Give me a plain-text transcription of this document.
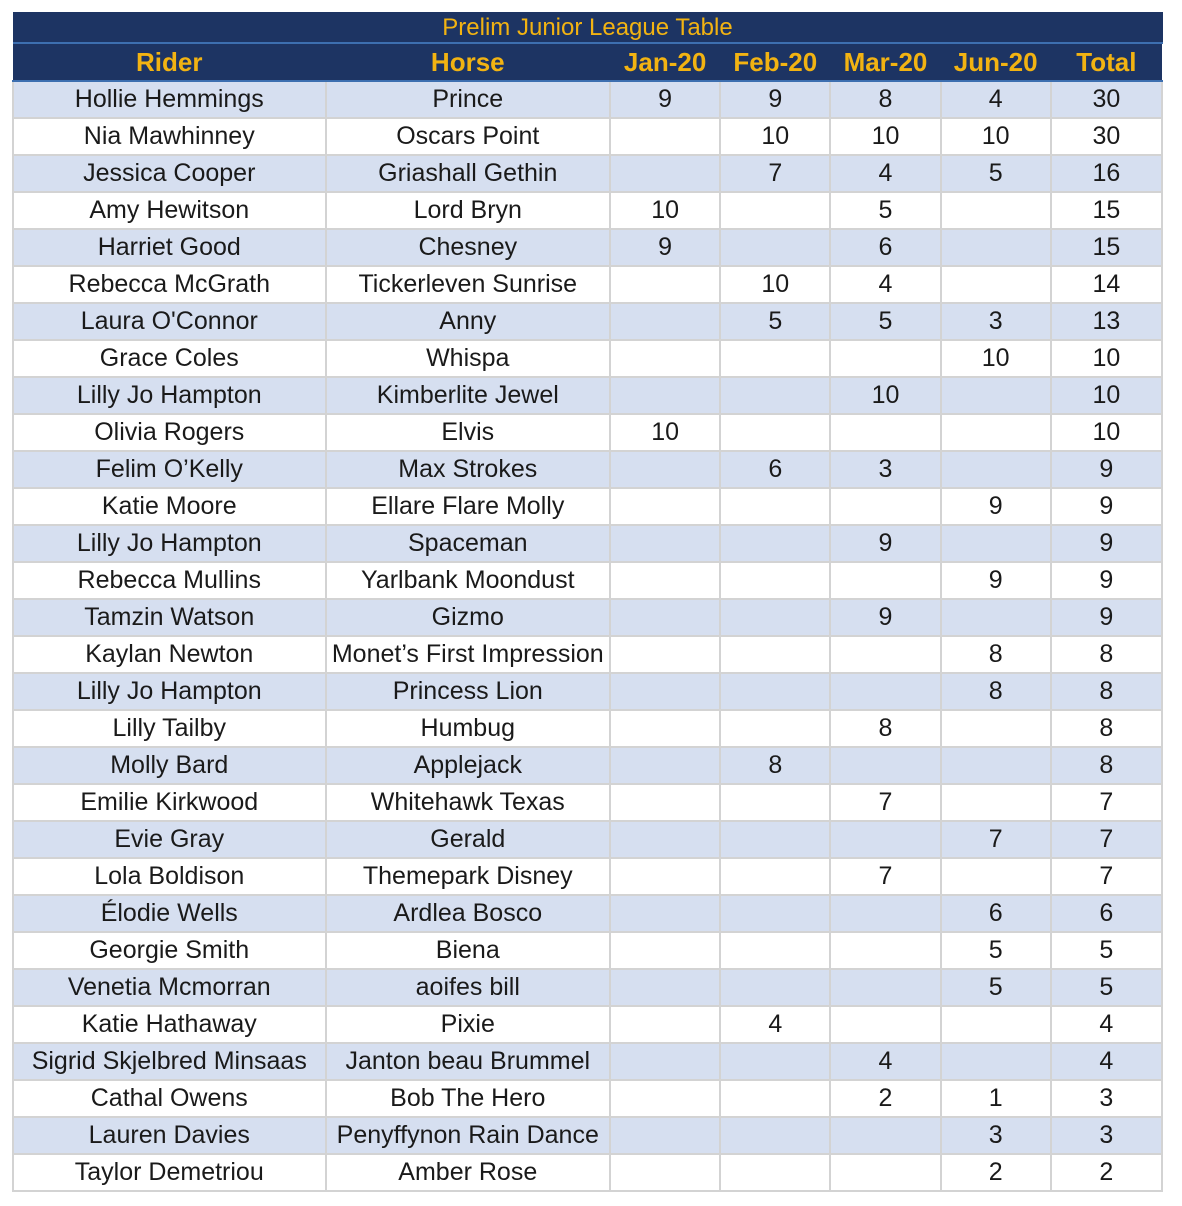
Prelim Junior League Table						
Rider	Horse	Jan-20	Feb-20	Mar-20	Jun-20	Total
Hollie Hemmings	Prince	9	9	8	4	30
Nia Mawhinney	Oscars Point		10	10	10	30
Jessica Cooper	Griashall Gethin		7	4	5	16
Amy Hewitson	Lord Bryn	10		5		15
Harriet Good	Chesney	9		6		15
Rebecca McGrath	Tickerleven Sunrise		10	4		14
Laura O'Connor	Anny		5	5	3	13
Grace Coles	Whispa				10	10
Lilly Jo Hampton	Kimberlite Jewel			10		10
Olivia Rogers	Elvis	10				10
Felim O’Kelly	Max Strokes		6	3		9
Katie Moore	Ellare Flare Molly				9	9
Lilly Jo Hampton	Spaceman			9		9
Rebecca Mullins	Yarlbank Moondust				9	9
Tamzin Watson	Gizmo			9		9
Kaylan Newton	Monet’s First Impression				8	8
Lilly Jo Hampton	Princess Lion				8	8
Lilly Tailby	Humbug			8		8
Molly Bard	Applejack		8			8
Emilie Kirkwood	Whitehawk Texas			7		7
Evie Gray	Gerald				7	7
Lola Boldison	Themepark Disney			7		7
Élodie Wells	Ardlea Bosco				6	6
Georgie Smith	Biena				5	5
Venetia Mcmorran	aoifes bill				5	5
Katie Hathaway	Pixie		4			4
Sigrid Skjelbred Minsaas	Janton beau Brummel			4		4
Cathal Owens	Bob The Hero			2	1	3
Lauren Davies	Penyffynon Rain Dance				3	3
Taylor Demetriou	Amber Rose				2	2
